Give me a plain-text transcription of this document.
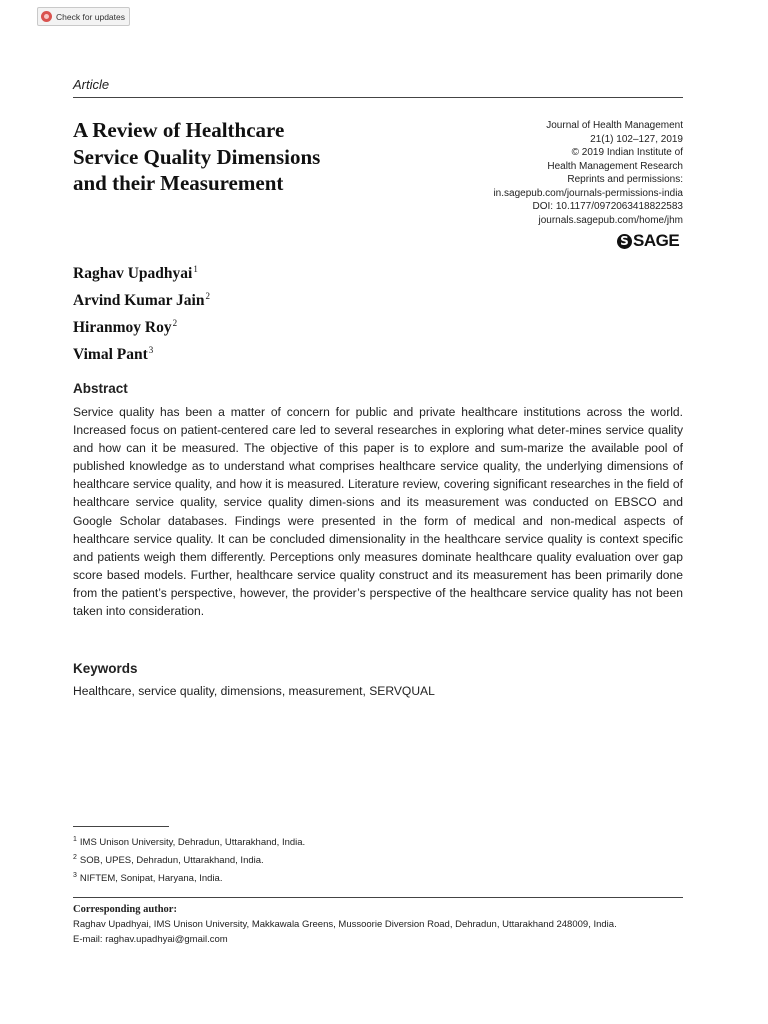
Check for updates
Article
A Review of Healthcare
Service Quality Dimensions
and their Measurement
Journal of Health Management
21(1) 102–127, 2019
© 2019 Indian Institute of
Health Management Research
Reprints and permissions:
in.sagepub.com/journals-permissions-india
DOI: 10.1177/0972063418822583
journals.sagepub.com/home/jhm
S SAGE
Raghav Upadhyai$^1$
Arvind Kumar Jain$^2$
Hiranmoy Roy$^2$
Vimal Pant$^3$
Abstract
Service quality has been a matter of concern for public and private healthcare institutions across the world. Increased focus on patient-centered care led to several researches in exploring what deter-mines service quality and how can it be measured. The objective of this paper is to explore and sum-marize the available pool of published knowledge as to understand what comprises healthcare service quality, the underlying dimensions of healthcare service quality, and how it is measured. Literature review, covering significant researches in the field of healthcare service quality, service quality dimen-sions and its measurement was conducted on EBSCO and Google Scholar databases. Findings were presented in the form of medical and non-medical aspects of healthcare service quality. It can be concluded dimensionality in the healthcare service quality is context specific and patients weigh them differently. Perceptions only measures dominate healthcare quality evaluation over gap score based models. Further, healthcare service quality construct and its measurement has been primarily done from the patient’s perspective, however, the provider’s perspective of the healthcare service quality has not been taken into consideration.
Keywords
Healthcare, service quality, dimensions, measurement, SERVQUAL
$^1$ IMS Unison University, Dehradun, Uttarakhand, India.
$^2$ SOB, UPES, Dehradun, Uttarakhand, India.
$^3$ NIFTEM, Sonipat, Haryana, India.
Corresponding author:
Raghav Upadhyai, IMS Unison University, Makkawala Greens, Mussoorie Diversion Road, Dehradun, Uttarakhand 248009, India.
E-mail: raghav.upadhyai@gmail.com
